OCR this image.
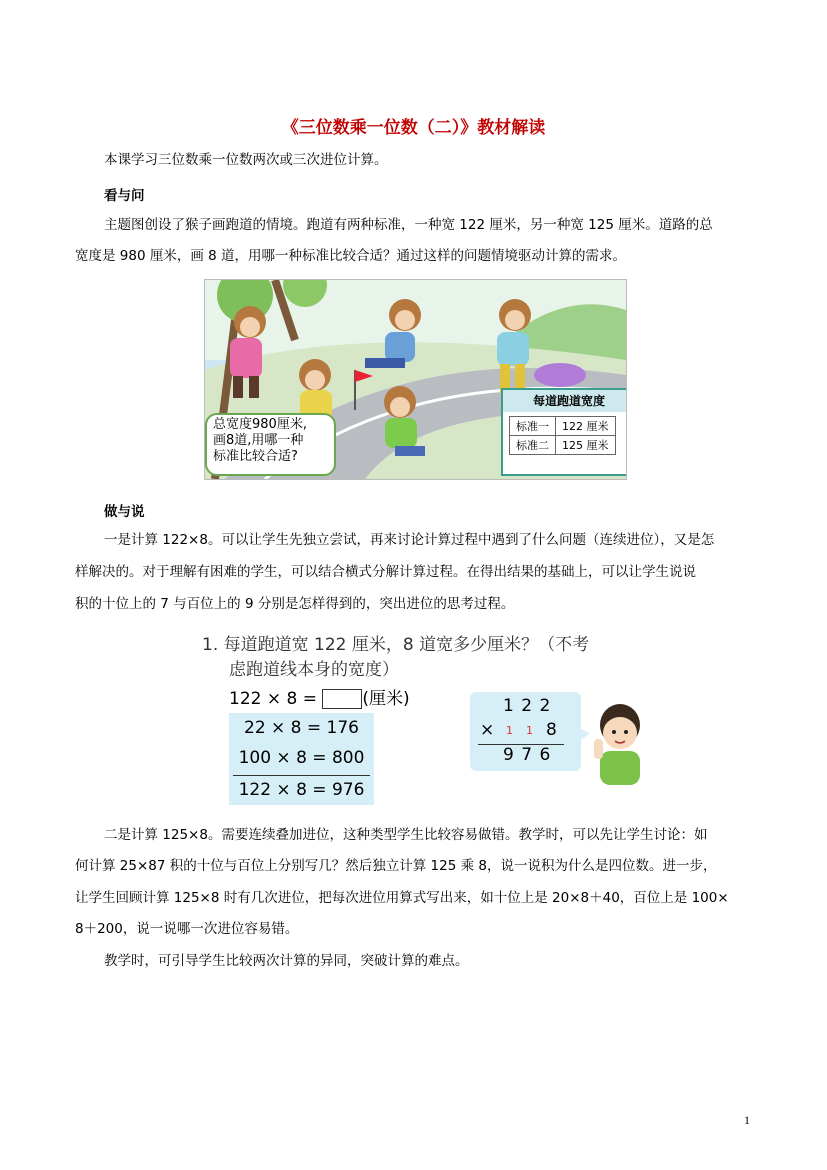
《三位数乘一位数（二）》教材解读
本课学习三位数乘一位数两次或三次进位计算。
看与问
主题图创设了猴子画跑道的情境。跑道有两种标准，一种宽 122 厘米，另一种宽 125 厘米。道路的总
宽度是 980 厘米，画 8 道，用哪一种标准比较合适？通过这样的问题情境驱动计算的需求。
总宽度980厘米,
画8道,用哪一种
标准比较合适?
每道跑道宽度
标准一	122 厘米
标准二	125 厘米
做与说
一是计算 122×8。可以让学生先独立尝试，再来讨论计算过程中遇到了什么问题（连续进位），又是怎
样解决的。对于理解有困难的学生，可以结合横式分解计算过程。在得出结果的基础上，可以让学生说说
积的十位上的 7 与百位上的 9 分别是怎样得到的，突出进位的思考过程。
1. 每道跑道宽 122 厘米，8 道宽多少厘米？（不考
虑跑道线本身的宽度）
122 × 8 =	(厘米)
22 × 8 = 176
100 × 8 = 800
122 × 8 = 976
1 2 2
× 1 1 8
9 7 6
二是计算 125×8。需要连续叠加进位，这种类型学生比较容易做错。教学时，可以先让学生讨论：如
何计算 25×87 积的十位与百位上分别写几？然后独立计算 125 乘 8，说一说积为什么是四位数。进一步，
让学生回顾计算 125×8 时有几次进位，把每次进位用算式写出来，如十位上是 20×8＋40，百位上是 100×
8＋200，说一说哪一次进位容易错。
教学时，可引导学生比较两次计算的异同，突破计算的难点。
1
